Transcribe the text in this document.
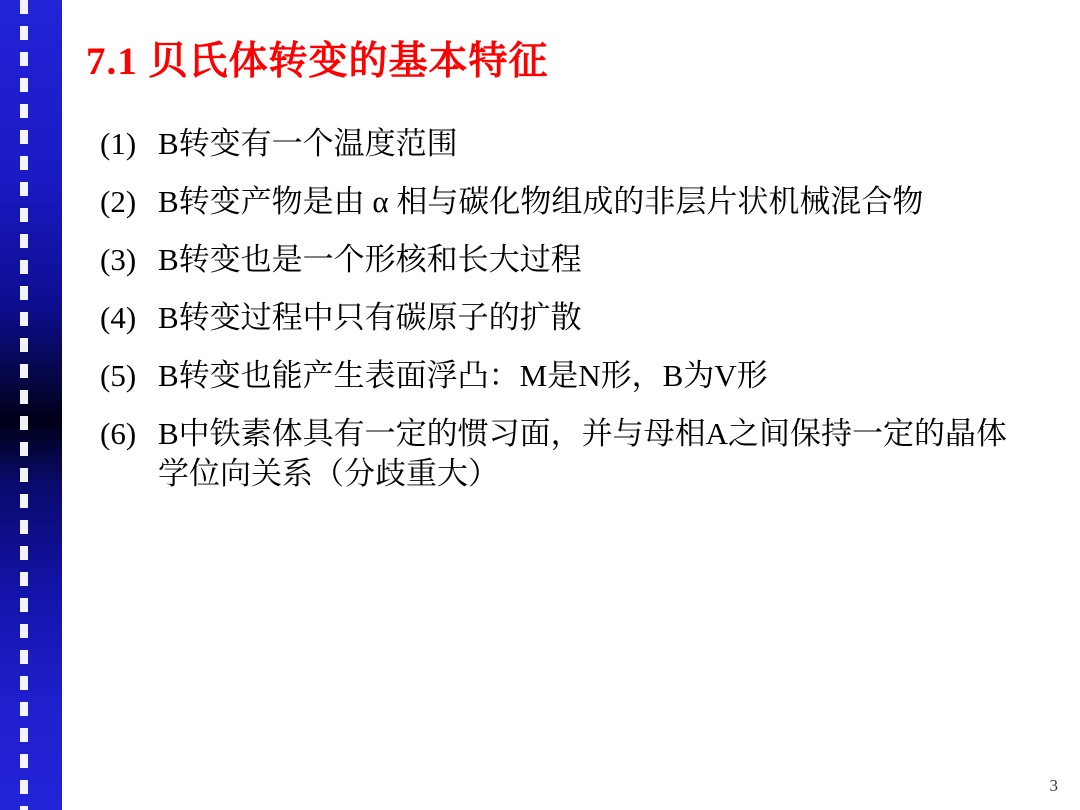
7.1 贝氏体转变的基本特征
(1) B转变有一个温度范围
(2) B转变产物是由 α 相与碳化物组成的非层片状机械混合物
(3) B转变也是一个形核和长大过程
(4) B转变过程中只有碳原子的扩散
(5) B转变也能产生表面浮凸：M是N形，B为V形
(6) B中铁素体具有一定的惯习面，并与母相A之间保持一定的晶体学位向关系（分歧重大）
3
